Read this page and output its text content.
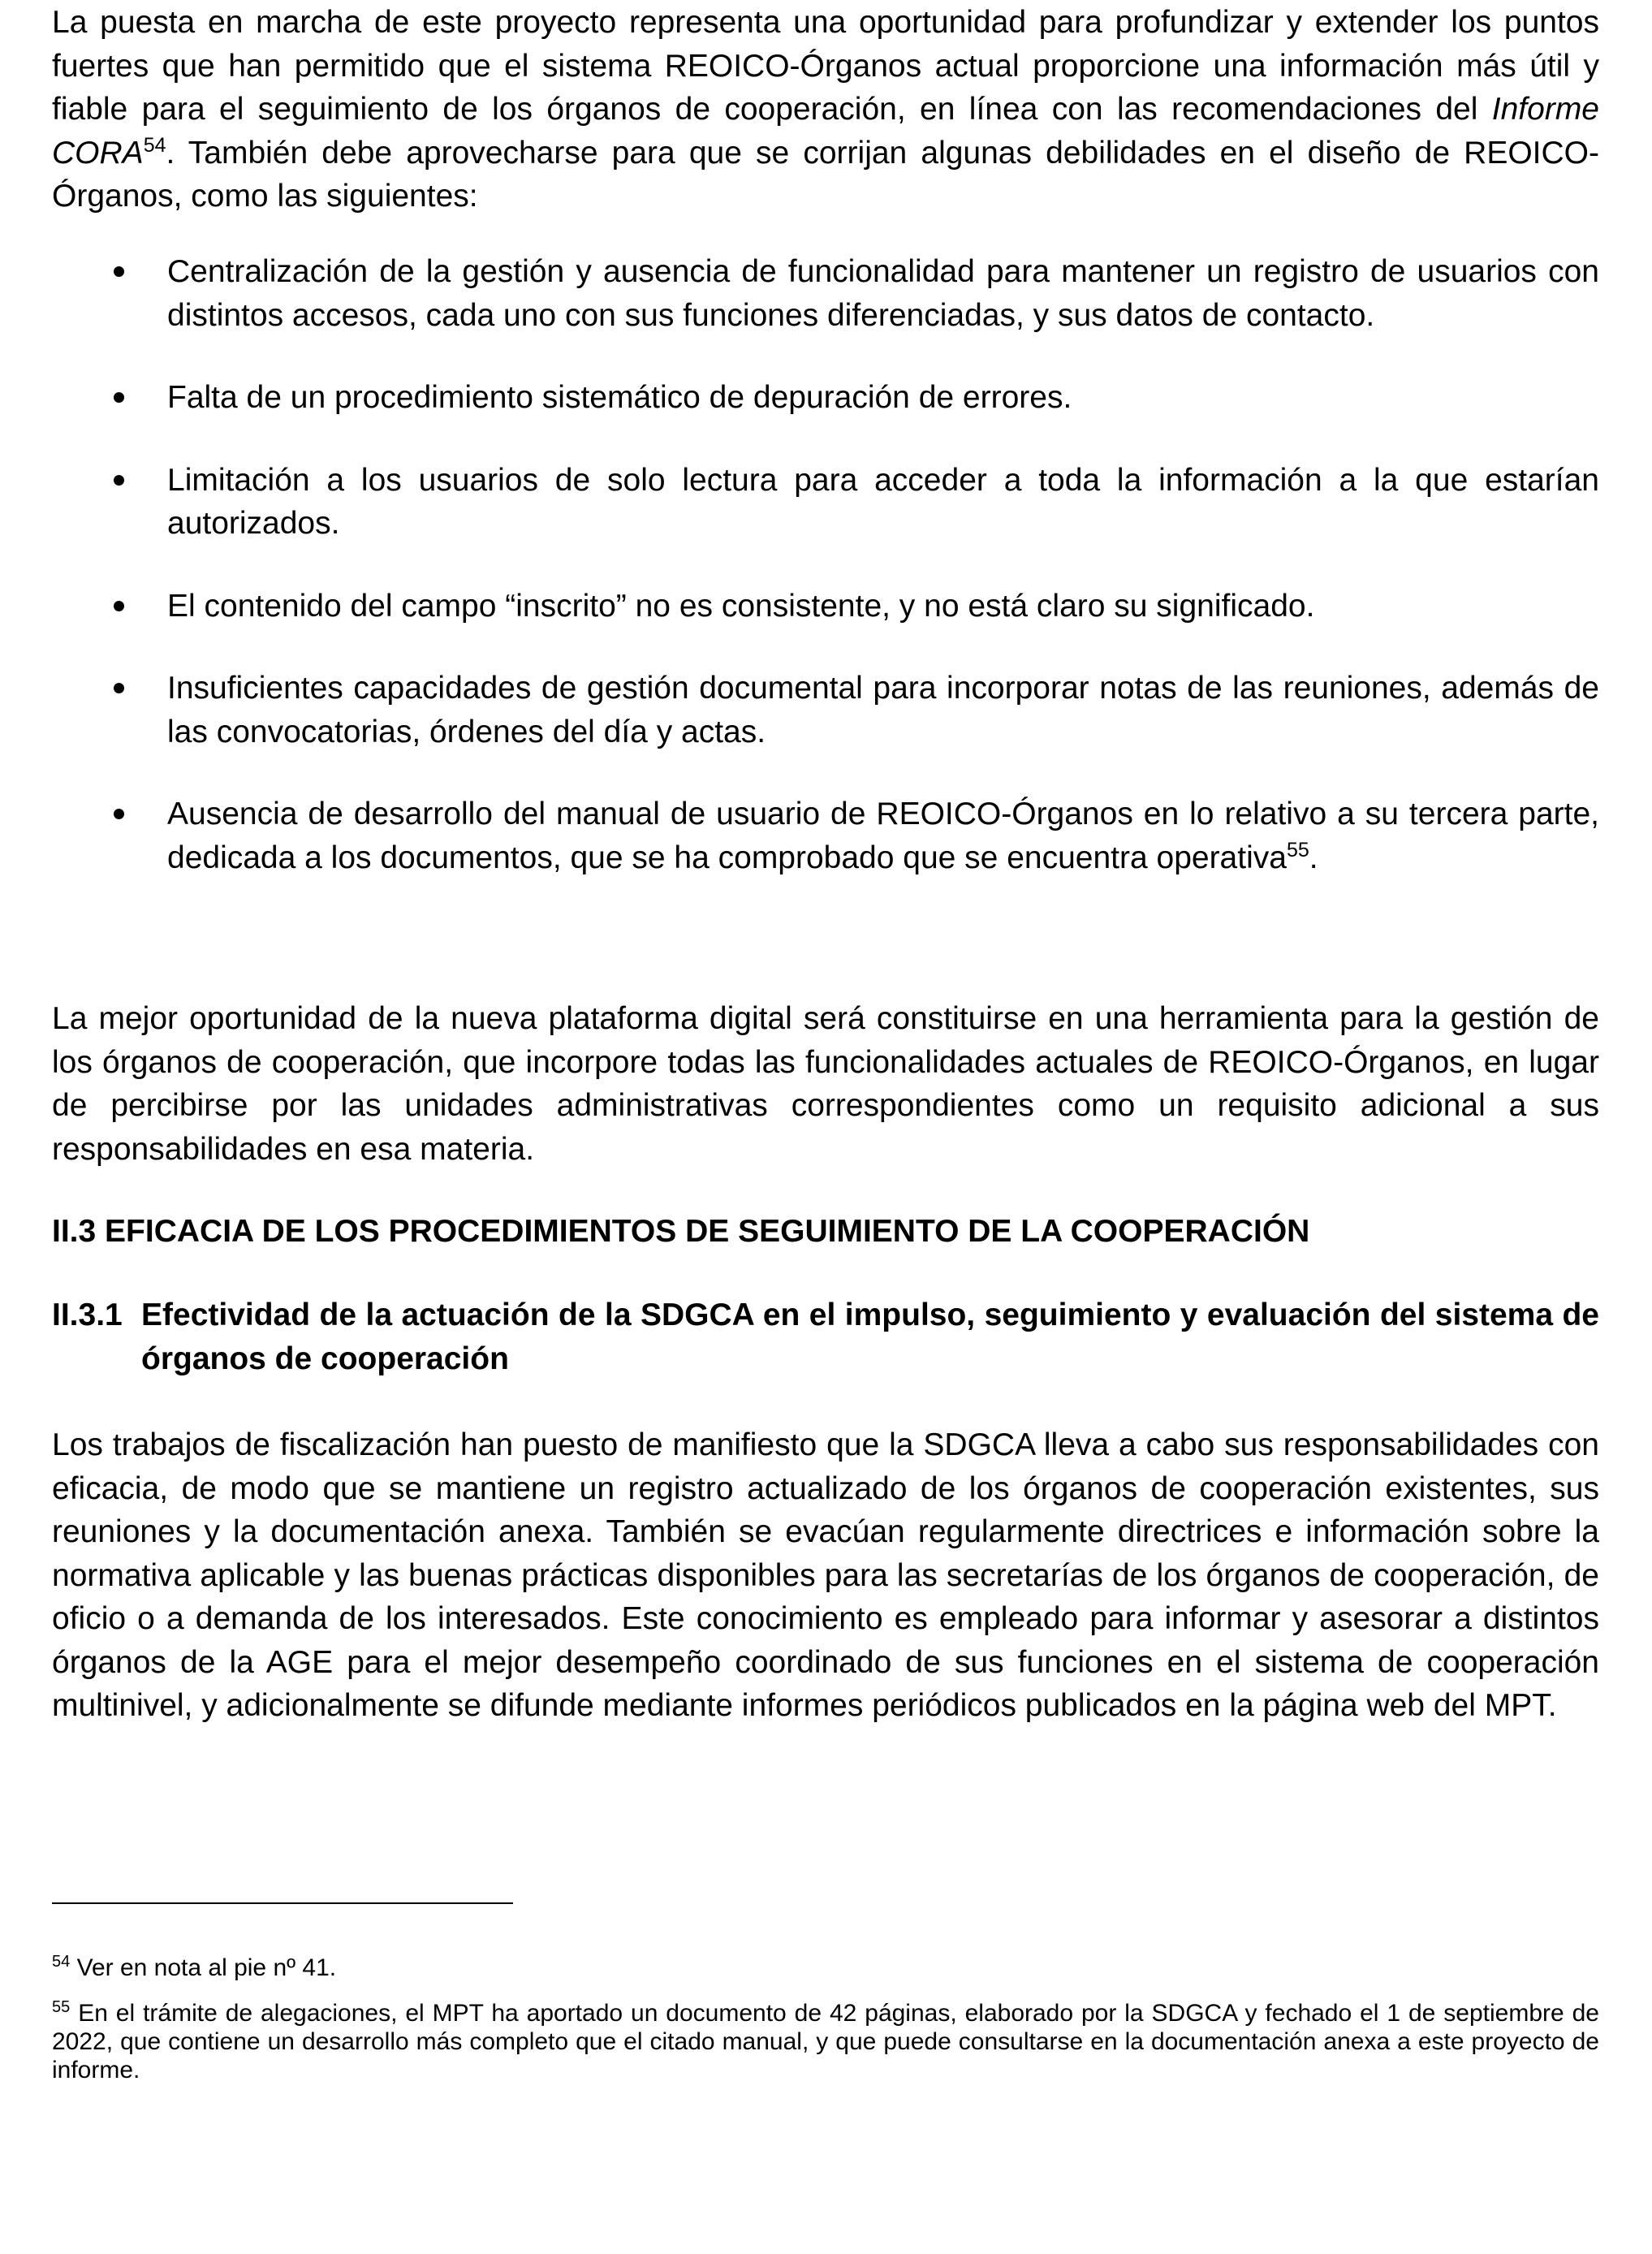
La puesta en marcha de este proyecto representa una oportunidad para profundizar y extender los puntos fuertes que han permitido que el sistema REOICO-Órganos actual proporcione una información más útil y fiable para el seguimiento de los órganos de cooperación, en línea con las recomendaciones del Informe CORA$^{54}$. También debe aprovecharse para que se corrijan algunas debilidades en el diseño de REOICO-Órganos, como las siguientes:

Centralización de la gestión y ausencia de funcionalidad para mantener un registro de usuarios con distintos accesos, cada uno con sus funciones diferenciadas, y sus datos de contacto.
Falta de un procedimiento sistemático de depuración de errores.
Limitación a los usuarios de solo lectura para acceder a toda la información a la que estarían autorizados.
El contenido del campo “inscrito” no es consistente, y no está claro su significado.
Insuficientes capacidades de gestión documental para incorporar notas de las reuniones, además de las convocatorias, órdenes del día y actas.
Ausencia de desarrollo del manual de usuario de REOICO-Órganos en lo relativo a su tercera parte, dedicada a los documentos, que se ha comprobado que se encuentra operativa$^{55}$.

La mejor oportunidad de la nueva plataforma digital será constituirse en una herramienta para la gestión de los órganos de cooperación, que incorpore todas las funcionalidades actuales de REOICO-Órganos, en lugar de percibirse por las unidades administrativas correspondientes como un requisito adicional a sus responsabilidades en esa materia.

II.3 EFICACIA DE LOS PROCEDIMIENTOS DE SEGUIMIENTO DE LA COOPERACIÓN
II.3.1 Efectividad de la actuación de la SDGCA en el impulso, seguimiento y evaluación del sistema de órganos de cooperación

Los trabajos de fiscalización han puesto de manifiesto que la SDGCA lleva a cabo sus responsabilidades con eficacia, de modo que se mantiene un registro actualizado de los órganos de cooperación existentes, sus reuniones y la documentación anexa. También se evacúan regularmente directrices e información sobre la normativa aplicable y las buenas prácticas disponibles para las secretarías de los órganos de cooperación, de oficio o a demanda de los interesados. Este conocimiento es empleado para informar y asesorar a distintos órganos de la AGE para el mejor desempeño coordinado de sus funciones en el sistema de cooperación multinivel, y adicionalmente se difunde mediante informes periódicos publicados en la página web del MPT.

$^{54}$ Ver en nota al pie nº 41.

$^{55}$ En el trámite de alegaciones, el MPT ha aportado un documento de 42 páginas, elaborado por la SDGCA y fechado el 1 de septiembre de 2022, que contiene un desarrollo más completo que el citado manual, y que puede consultarse en la documentación anexa a este proyecto de informe.
